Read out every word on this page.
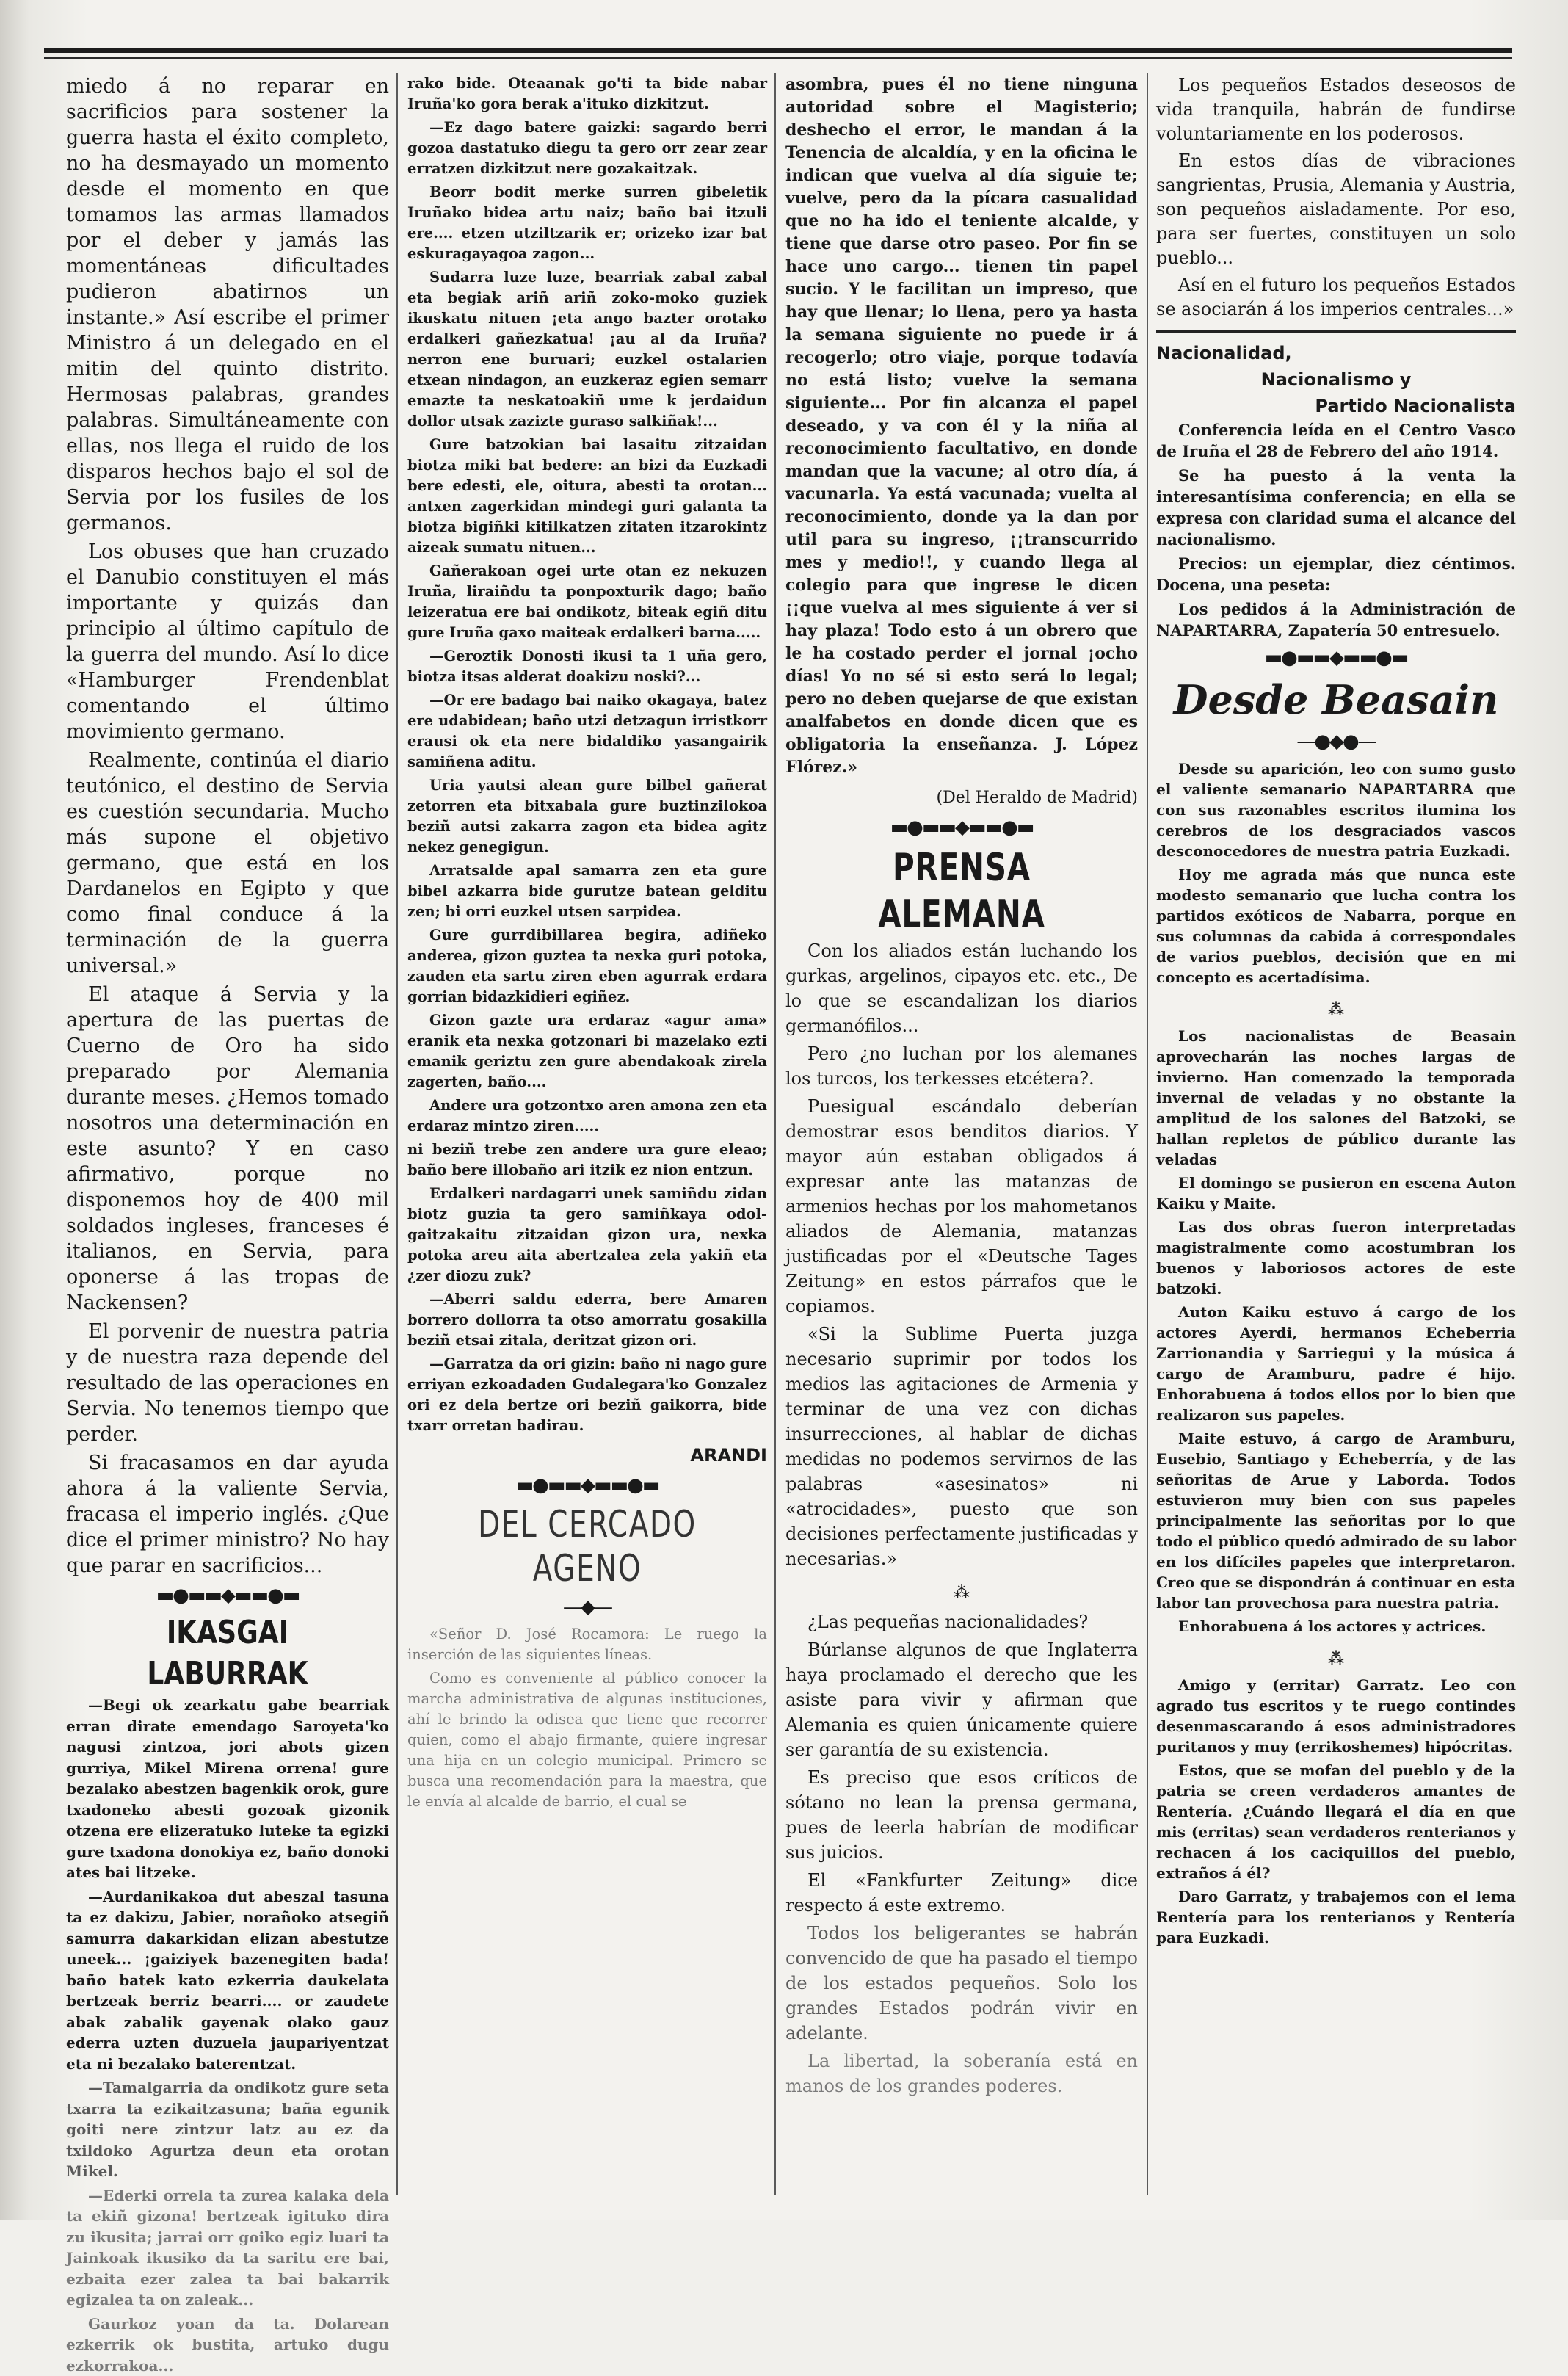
miedo á no reparar en sacrificios para sostener la guerra hasta el éxito completo, no ha desmayado un momento desde el momento en que tomamos las armas llamados por el deber y jamás las momentáneas dificultades pudieron abatirnos un instante.» Así escribe el primer Ministro á un delegado en el mitin del quinto distrito. Hermosas palabras, grandes palabras. Simultáneamente con ellas, nos llega el ruido de los disparos hechos bajo el sol de Servia por los fusiles de los germanos.

Los obuses que han cruzado el Danubio constituyen el más importante y quizás dan principio al último capítulo de la guerra del mundo. Así lo dice «Hamburger Frendenblat comentando el último movimiento germano.

Realmente, continúa el diario teutónico, el destino de Servia es cuestión secundaria. Mucho más supone el objetivo germano, que está en los Dardanelos en Egipto y que como final conduce á la terminación de la guerra universal.»

El ataque á Servia y la apertura de las puertas de Cuerno de Oro ha sido preparado por Alemania durante meses. ¿Hemos tomado nosotros una determinación en este asunto? Y en caso afirmativo, porque no disponemos hoy de 400 mil soldados ingleses, franceses é italianos, en Servia, para oponerse á las tropas de Nackensen?

El porvenir de nuestra patria y de nuestra raza depende del resultado de las operaciones en Servia. No tenemos tiempo que perder.

Si fracasamos en dar ayuda ahora á la valiente Servia, fracasa el imperio inglés. ¿Que dice el primer ministro? No hay que parar en sacrificios...

▬●▬▬◆▬▬●▬
IKASGAI LABURRAK

—Begi ok zearkatu gabe bearriak erran dirate emendago Saroyeta'ko nagusi zintzoa, jori abots gizen gurriya, Mikel Mirena orrena! gure bezalako abestzen bagenkik orok, gure txadoneko abesti gozoak gizonik otzena ere elizeratuko luteke ta egizki gure txadona donokiya ez, baño donoki ates bai litzeke.

—Aurdanikakoa dut abeszal tasuna ta ez dakizu, Jabier, norañoko atsegiñ samurra dakarkidan elizan abestutze uneek... ¡gaiziyek bazenegiten bada! baño batek kato ezkerria daukelata bertzeak berriz bearri.... or zaudete abak zabalik gayenak olako gauz ederra uzten duzuela jaupariyentzat eta ni bezalako baterentzat.

—Tamalgarria da ondikotz gure seta txarra ta ezikaitzasuna; baña egunik goiti nere zintzur latz au ez da txildoko Agurtza deun eta orotan Mikel.

—Ederki orrela ta zurea kalaka dela ta ekiñ gizona! bertzeak igituko dira zu ikusita; jarrai orr goiko egiz luari ta Jainkoak ikusiko da ta saritu ere bai, ezbaita ezer zalea ta bai bakarrik egizalea ta on zaleak...

Gaurkoz yoan da ta. Dolarean ezkerrik ok bustita, artuko dugu ezkorrakoa...

rako bide. Oteaanak go'ti ta bide nabar Iruña'ko gora berak a'ituko dizkitzut.

—Ez dago batere gaizki: sagardo berri gozoa dastatuko diegu ta gero orr zear zear erratzen dizkitzut nere gozakaitzak.

Beorr bodit merke surren gibeletik Iruñako bidea artu naiz; baño bai itzuli ere.... etzen utziltzarik er; orizeko izar bat eskuragayagoa zagon...

Sudarra luze luze, bearriak zabal zabal eta begiak ariñ ariñ zoko-moko guziek ikuskatu nituen ¡eta ango bazter orotako erdalkeri gañezkatua! ¡au al da Iruña? nerron ene buruari; euzkel ostalarien etxean nindagon, an euzkeraz egien semarr emazte ta neskatoakiñ ume k jerdaidun dollor utsak zazizte guraso salkiñak!...

Gure batzokian bai lasaitu zitzaidan biotza miki bat bedere: an bizi da Euzkadi bere edesti, ele, oitura, abesti ta orotan... antxen zagerkidan mindegi guri galanta ta biotza bigiñki kitilkatzen zitaten itzarokintz aizeak sumatu nituen...

Gañerakoan ogei urte otan ez nekuzen Iruña, liraiñdu ta ponpoxturik dago; baño leizeratua ere bai ondikotz, biteak egiñ ditu gure Iruña gaxo maiteak erdalkeri barna.....

—Geroztik Donosti ikusi ta 1 uña gero, biotza itsas alderat doakizu noski?...

—Or ere badago bai naiko okagaya, batez ere udabidean; baño utzi detzagun irristkorr erausi ok eta nere bidaldiko yasangairik samiñena aditu.

Uria yautsi alean gure bilbel gañerat zetorren eta bitxabala gure buztinzilokoa beziñ autsi zakarra zagon eta bidea agitz nekez genegigun.

Arratsalde apal samarra zen eta gure bibel azkarra bide gurutze batean gelditu zen; bi orri euzkel utsen sarpidea.

Gure gurrdibillarea begira, adiñeko anderea, gizon guztea ta nexka guri potoka, zauden eta sartu ziren eben agurrak erdara gorrian bidazkidieri egiñez.

Gizon gazte ura erdaraz «agur ama» eranik eta nexka gotzonari bi mazelako ezti emanik geriztu zen gure abendakoak zirela zagerten, baño....

Andere ura gotzontxo aren amona zen eta erdaraz mintzo ziren.....

ni beziñ trebe zen andere ura gure eleao; baño bere illobaño ari itzik ez nion entzun.

Erdalkeri nardagarri unek samiñdu zidan biotz guzia ta gero samiñkaya odol-gaitzakaitu zitzaidan gizon ura, nexka potoka areu aita abertzalea zela yakiñ eta ¿zer diozu zuk?

—Aberri saldu ederra, bere Amaren borrero dollorra ta otso amorratu gosakilla beziñ etsai zitala, deritzat gizon ori.

—Garratza da ori gizin: baño ni nago gure erriyan ezkoadaden Gudalegara'ko Gonzalez ori ez dela bertze ori beziñ gaikorra, bide txarr orretan badirau.

ARANDI
▬●▬▬◆▬▬●▬
DEL CERCADO AGENO
—◆—

«Señor D. José Rocamora: Le ruego la inserción de las siguientes líneas.

Como es conveniente al público conocer la marcha administrativa de algunas instituciones, ahí le brindo la odisea que tiene que recorrer quien, como el abajo firmante, quiere ingresar una hija en un colegio municipal. Primero se busca una recomendación para la maestra, que le envía al alcalde de barrio, el cual se

asombra, pues él no tiene ninguna autoridad sobre el Magisterio; deshecho el error, le mandan á la Tenencia de alcaldía, y en la oficina le indican que vuelva al día siguie te; vuelve, pero da la pícara casualidad que no ha ido el teniente alcalde, y tiene que darse otro paseo. Por fin se hace uno cargo... tienen tin papel sucio. Y le facilitan un impreso, que hay que llenar; lo llena, pero ya hasta la semana siguiente no puede ir á recogerlo; otro viaje, porque todavía no está listo; vuelve la semana siguiente... Por fin alcanza el papel deseado, y va con él y la niña al reconocimiento facultativo, en donde mandan que la vacune; al otro día, á vacunarla. Ya está vacunada; vuelta al reconocimiento, donde ya la dan por util para su ingreso, ¡¡transcurrido mes y medio!!, y cuando llega al colegio para que ingrese le dicen ¡¡que vuelva al mes siguiente á ver si hay plaza! Todo esto á un obrero que le ha costado perder el jornal ¡ocho días! Yo no sé si esto será lo legal; pero no deben quejarse de que existan analfabetos en donde dicen que es obligatoria la enseñanza. J. López Flórez.»

(Del Heraldo de Madrid)
▬●▬▬◆▬▬●▬
PRENSA ALEMANA

Con los aliados están luchando los gurkas, argelinos, cipayos etc. etc., De lo que se escandalizan los diarios germanófilos...

Pero ¿no luchan por los alemanes los turcos, los terkesses etcétera?.

Puesigual escándalo deberían demostrar esos benditos diarios. Y mayor aún estaban obligados á expresar ante las matanzas de armenios hechas por los mahometanos aliados de Alemania, matanzas justificadas por el «Deutsche Tages Zeitung» en estos párrafos que le copiamos.

«Si la Sublime Puerta juzga necesario suprimir por todos los medios las agitaciones de Armenia y terminar de una vez con dichas insurrecciones, al hablar de dichas medidas no podemos servirnos de las palabras «asesinatos» ni «atrocidades», puesto que son decisiones perfectamente justificadas y necesarias.»

⁂

¿Las pequeñas nacionalidades?

Búrlanse algunos de que Inglaterra haya proclamado el derecho que les asiste para vivir y afirman que Alemania es quien únicamente quiere ser garantía de su existencia.

Es preciso que esos críticos de sótano no lean la prensa germana, pues de leerla habrían de modificar sus juicios.

El «Fankfurter Zeitung» dice respecto á este extremo.

Todos los beligerantes se habrán convencido de que ha pasado el tiempo de los estados pequeños. Solo los grandes Estados podrán vivir en adelante.

La libertad, la soberanía está en manos de los grandes poderes.

Los pequeños Estados deseosos de vida tranquila, habrán de fundirse voluntariamente en los poderosos.

En estos días de vibraciones sangrientas, Prusia, Alemania y Austria, son pequeños aisladamente. Por eso, para ser fuertes, constituyen un solo pueblo...

Así en el futuro los pequeños Estados se asociarán á los imperios centrales...»

Nacionalidad,
Nacionalismo y
Partido Nacionalista

Conferencia leída en el Centro Vasco de Iruña el 28 de Febrero del año 1914.

Se ha puesto á la venta la interesantísima conferencia; en ella se expresa con claridad suma el alcance del nacionalismo.

Precios: un ejemplar, diez céntimos. Docena, una peseta:

Los pedidos á la Administración de NAPARTARRA, Zapatería 50 entresuelo.

▬●▬▬◆▬▬●▬
Desde Beasain
—●◆●—

Desde su aparición, leo con sumo gusto el valiente semanario NAPARTARRA que con sus razonables escritos ilumina los cerebros de los desgraciados vascos desconocedores de nuestra patria Euzkadi.

Hoy me agrada más que nunca este modesto semanario que lucha contra los partidos exóticos de Nabarra, porque en sus columnas da cabida á correspondales de varios pueblos, decisión que en mi concepto es acertadísima.

⁂

Los nacionalistas de Beasain aprovecharán las noches largas de invierno. Han comenzado la temporada invernal de veladas y no obstante la amplitud de los salones del Batzoki, se hallan repletos de público durante las veladas

El domingo se pusieron en escena Auton Kaiku y Maite.

Las dos obras fueron interpretadas magistralmente como acostumbran los buenos y laboriosos actores de este batzoki.

Auton Kaiku estuvo á cargo de los actores Ayerdi, hermanos Echeberria Zarrionandia y Sarriegui y la música á cargo de Aramburu, padre é hijo. Enhorabuena á todos ellos por lo bien que realizaron sus papeles.

Maite estuvo, á cargo de Aramburu, Eusebio, Santiago y Echeberría, y de las señoritas de Arue y Laborda. Todos estuvieron muy bien con sus papeles principalmente las señoritas por lo que todo el público quedó admirado de su labor en los difíciles papeles que interpretaron. Creo que se dispondrán á continuar en esta labor tan provechosa para nuestra patria.

Enhorabuena á los actores y actrices.

⁂

Amigo y (erritar) Garratz. Leo con agrado tus escritos y te ruego contindes desenmascarando á esos administradores puritanos y muy (errikoshemes) hipócritas.

Estos, que se mofan del pueblo y de la patria se creen verdaderos amantes de Rentería. ¿Cuándo llegará el día en que mis (erritas) sean verdaderos renterianos y rechacen á los caciquillos del pueblo, extraños á él?

Daro Garratz, y trabajemos con el lema Rentería para los renterianos y Rentería para Euzkadi.
